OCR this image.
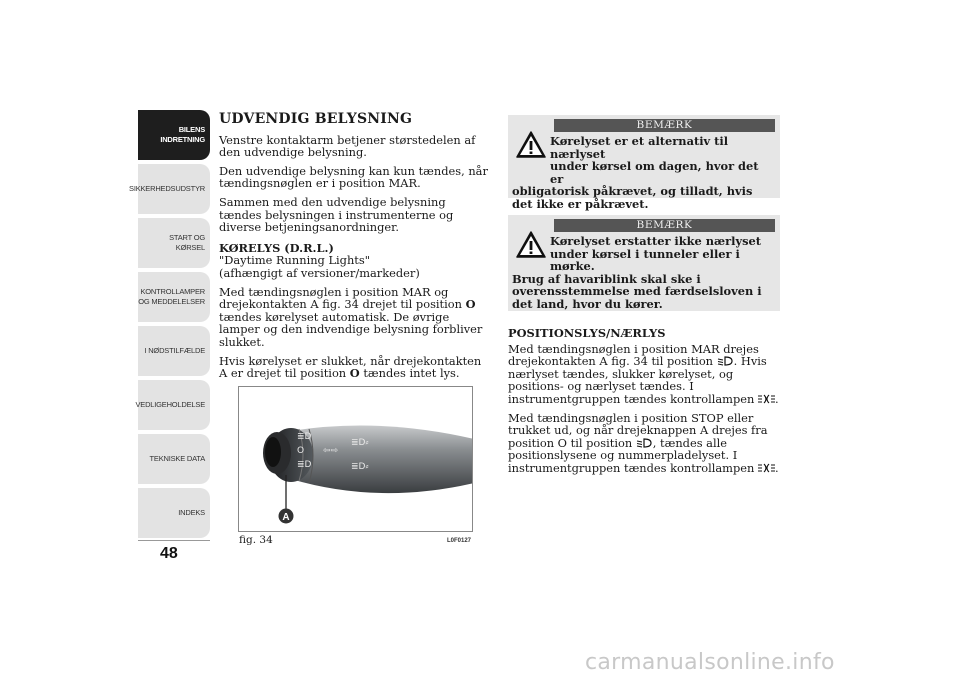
BILENS INDRETNING
SIKKERHEDSUDSTYR
START OG KØRSEL
KONTROLLAMPER OG MEDDELELSER
I NØDSTILFÆLDE
VEDLIGEHOLDELSE
TEKNISKE DATA
INDEKS
48
UDVENDIG BELYSNING

Venstre kontaktarm betjener størstedelen af den udvendige belysning.

Den udvendige belysning kan kun tændes, når tændingsnøglen er i position MAR.

Sammen med den udvendige belysning tændes belysningen i instrumenterne og diverse betjeningsanordninger.

KØRELYS (D.R.L.)
"Daytime Running Lights"

(afhængigt af versioner/markeder)

Med tændingsnøglen i position MAR og drejekontakten A fig. 34 drejet til position O tændes kørelyset automatisk. De øvrige lamper og den indvendige belysning forbliver slukket.

Hvis kørelyset er slukket, når drejekontakten A er drejet til position O tændes intet lys.

≣D
O
≣D
⇦⇨
≣D⸗
≣D⸗
A
fig. 34	L0F0127
BEMÆRK
Kørelyset er et alternativ til nærlyset
under kørsel om dagen, hvor det er
obligatorisk påkrævet, og tilladt, hvis det ikke er påkrævet.
BEMÆRK
Kørelyset erstatter ikke nærlyset
under kørsel i tunneler eller i mørke.
Brug af havariblink skal ske i overensstemmelse med færdselsloven i det land, hvor du kører.
POSITIONSLYS/NÆRLYS

Med tændingsnøglen i position MAR drejes drejekontakten A fig. 34 til position . Hvis nærlyset tændes, slukker kørelyset, og positions- og nærlyset tændes. I instrumentgruppen tændes kontrollampen .

Med tændingsnøglen i position STOP eller trukket ud, og når drejeknappen A drejes fra position O til position , tændes alle positionslysene og nummerpladelyset. I instrumentgruppen tændes kontrollampen .

carmanualsonline.info
